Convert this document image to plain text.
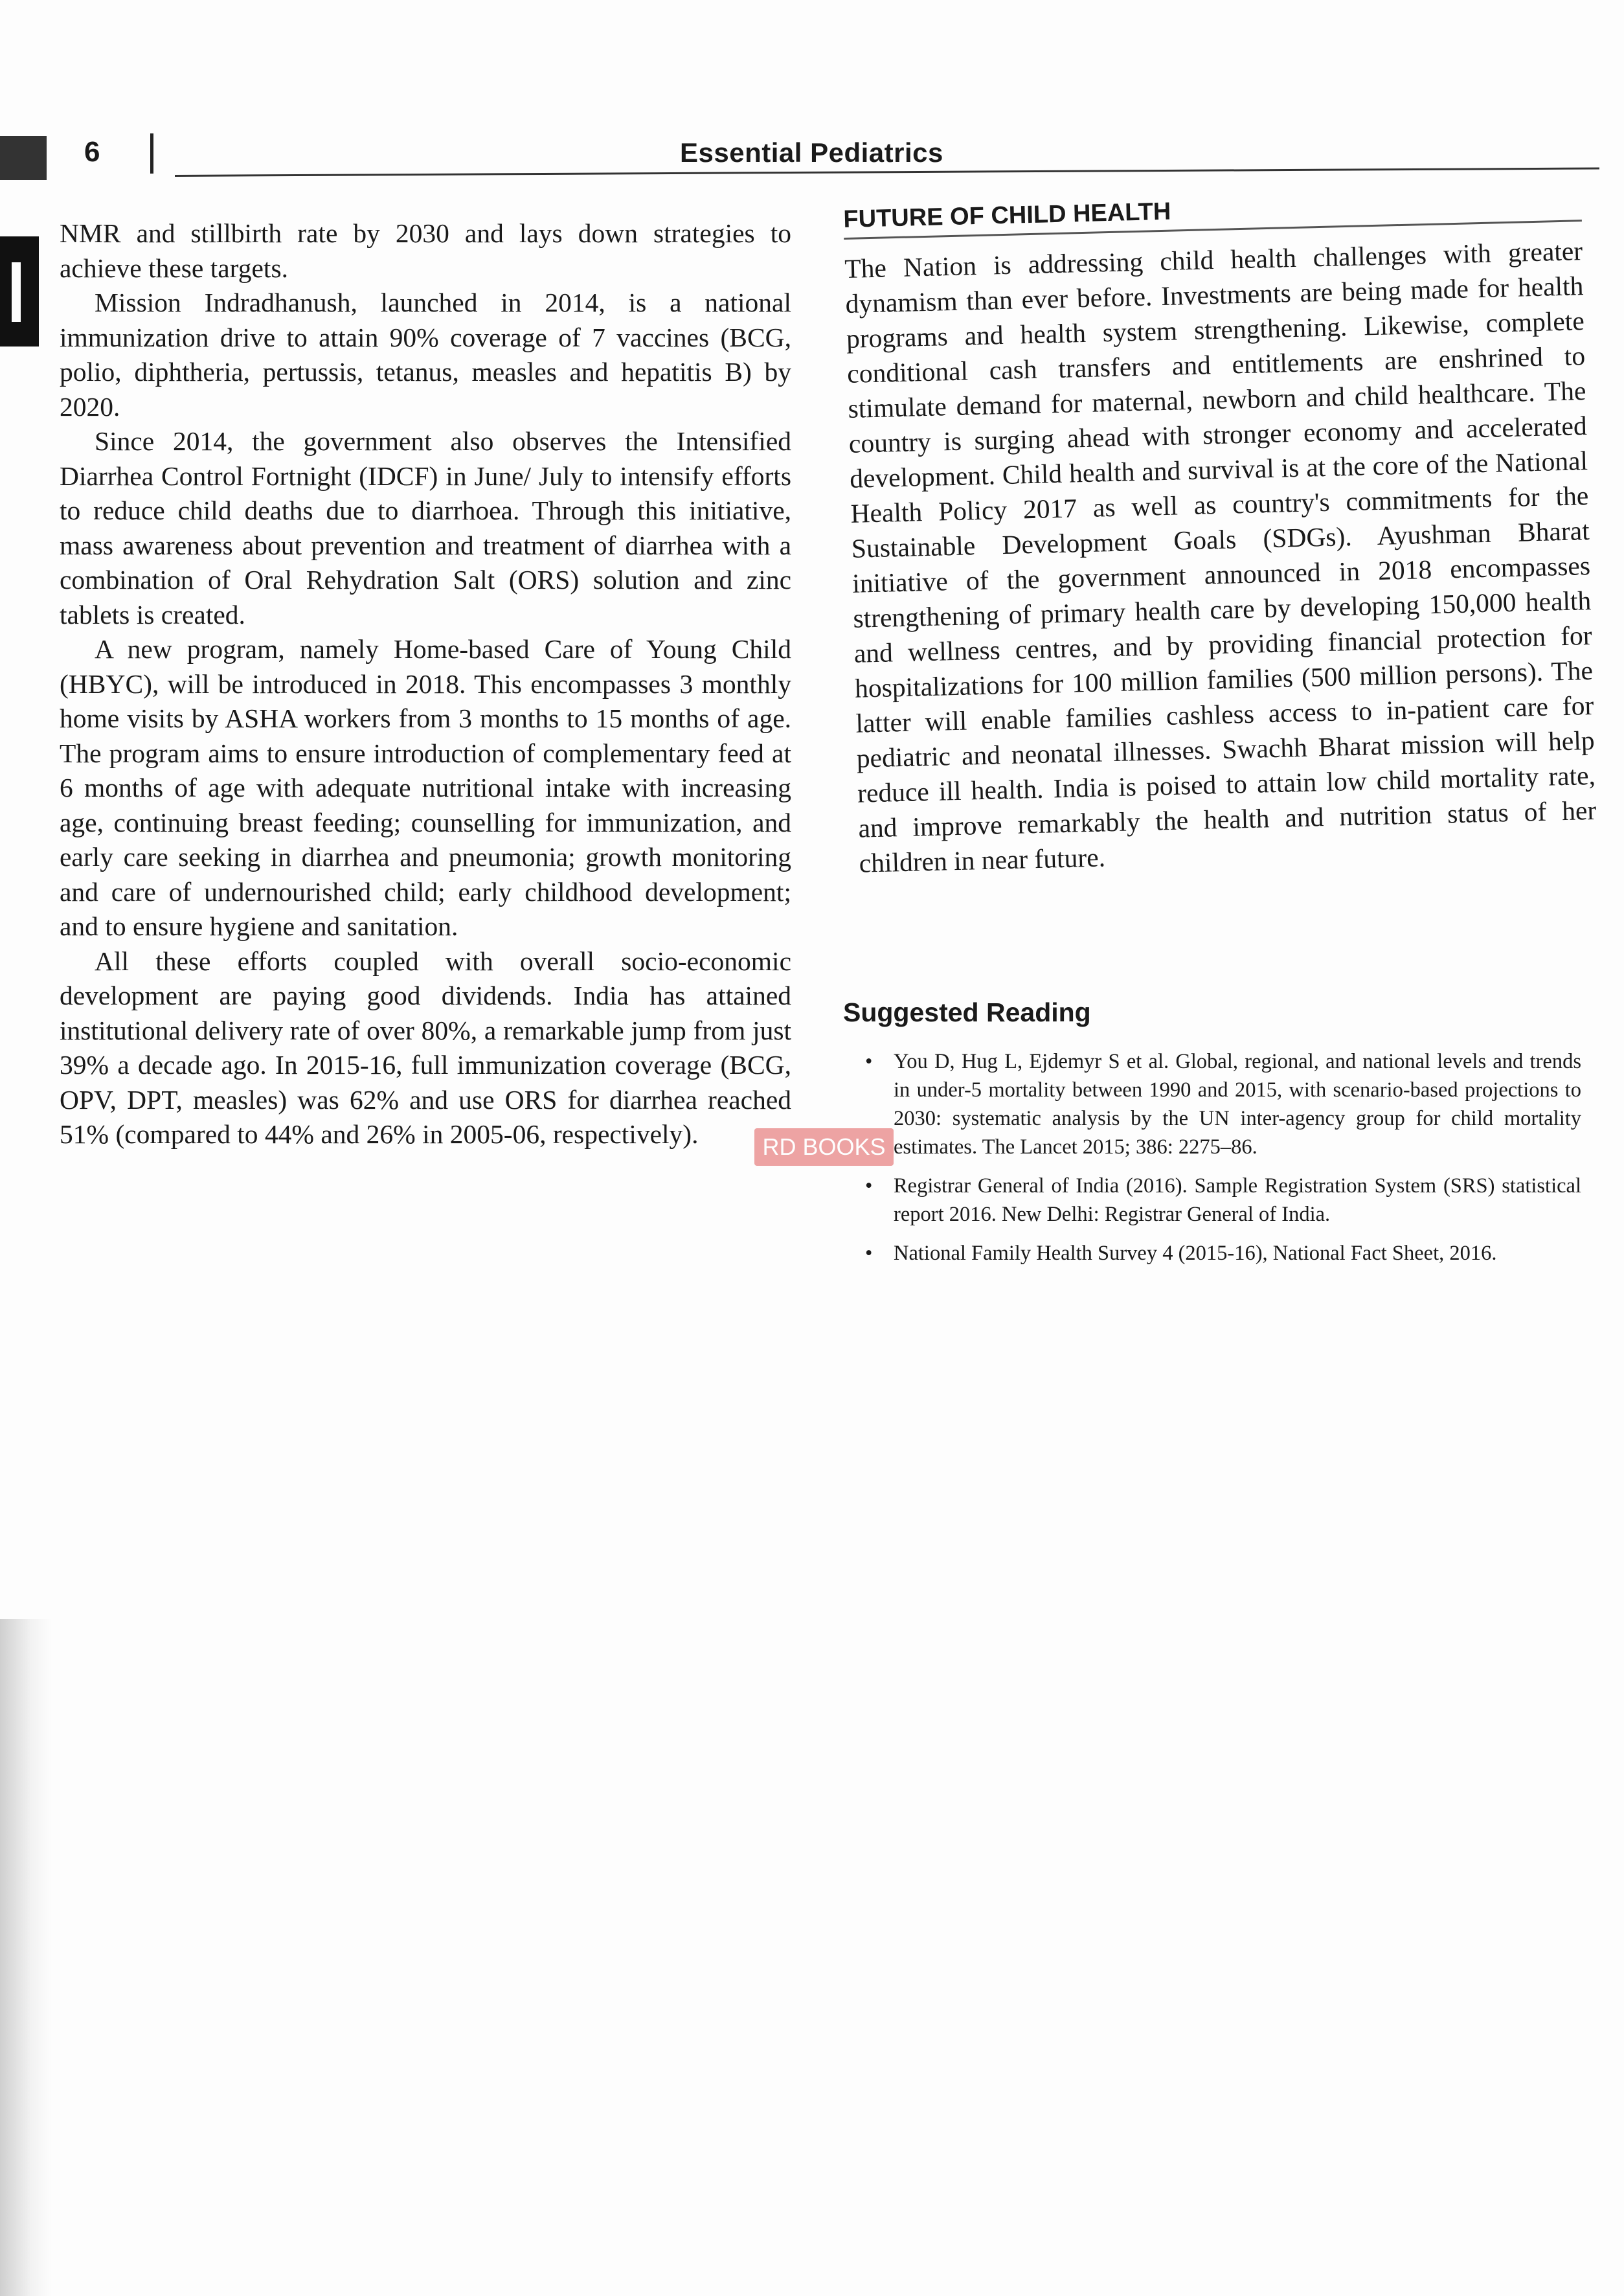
6	Essential Pediatrics

NMR and stillbirth rate by 2030 and lays down strategies to achieve these targets.

Mission Indradhanush, launched in 2014, is a national immunization drive to attain 90% coverage of 7 vaccines (BCG, polio, diphtheria, pertussis, tetanus, measles and hepatitis B) by 2020.

Since 2014, the government also observes the Intensified Diarrhea Control Fortnight (IDCF) in June/ July to intensify efforts to reduce child deaths due to diarrhoea. Through this initiative, mass awareness about prevention and treatment of diarrhea with a combination of Oral Rehydration Salt (ORS) solution and zinc tablets is created.

A new program, namely Home-based Care of Young Child (HBYC), will be introduced in 2018. This encompasses 3 monthly home visits by ASHA workers from 3 months to 15 months of age. The program aims to ensure introduction of complementary feed at 6 months of age with adequate nutritional intake with increasing age, continuing breast feeding; counselling for immunization, and early care seeking in diarrhea and pneumonia; growth monitoring and care of undernourished child; early childhood development; and to ensure hygiene and sanitation.

All these efforts coupled with overall socio-economic development are paying good dividends. India has attained institutional delivery rate of over 80%, a remarkable jump from just 39% a decade ago. In 2015-16, full immunization coverage (BCG, OPV, DPT, measles) was 62% and use ORS for diarrhea reached 51% (compared to 44% and 26% in 2005-06, respectively).

FUTURE OF CHILD HEALTH

The Nation is addressing child health challenges with greater dynamism than ever before. Investments are being made for health programs and health system strengthening. Likewise, complete conditional cash transfers and entitlements are enshrined to stimulate demand for maternal, newborn and child healthcare. The country is surging ahead with stronger economy and accelerated development. Child health and survival is at the core of the National Health Policy 2017 as well as country's commitments for the Sustainable Development Goals (SDGs). Ayushman Bharat initiative of the government announced in 2018 encompasses strengthening of primary health care by developing 150,000 health and wellness centres, and by providing financial protection for hospitalizations for 100 million families (500 million persons). The latter will enable families cashless access to in-patient care for pediatric and neonatal illnesses. Swachh Bharat mission will help reduce ill health. India is poised to attain low child mortality rate, and improve remarkably the health and nutrition status of her children in near future.

Suggested Reading
• You D, Hug L, Ejdemyr S et al. Global, regional, and national levels and trends in under-5 mortality between 1990 and 2015, with scenario-based projections to 2030: systematic analysis by the UN inter-agency group for child mortality estimates. The Lancet 2015; 386: 2275–86.
• Registrar General of India (2016). Sample Registration System (SRS) statistical report 2016. New Delhi: Registrar General of India.
• National Family Health Survey 4 (2015-16), National Fact Sheet, 2016.
RD BOOKS
